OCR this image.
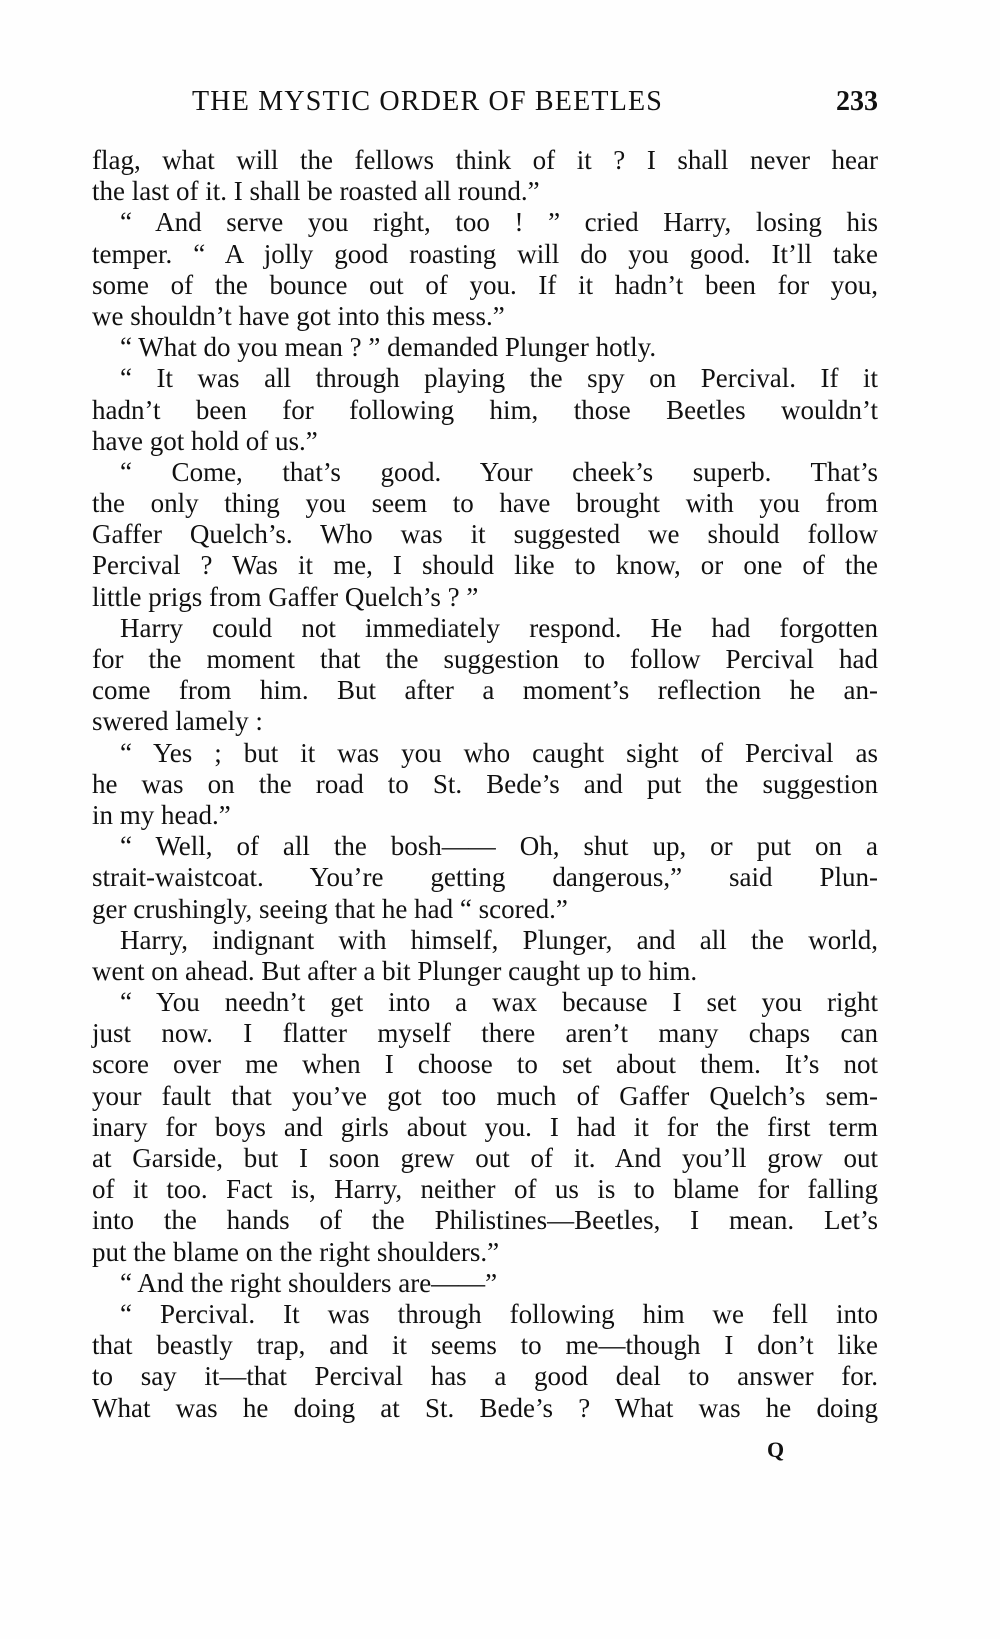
THE MYSTIC ORDER OF BEETLES	233
flag, what will the fellows think of it ? I shall never hear
the last of it. I shall be roasted all round.”
“ And serve you right, too ! ” cried Harry, losing his
temper. “ A jolly good roasting will do you good. It’ll take
some of the bounce out of you. If it hadn’t been for you,
we shouldn’t have got into this mess.”
“ What do you mean ? ” demanded Plunger hotly.
“ It was all through playing the spy on Percival. If it
hadn’t been for following him, those Beetles wouldn’t
have got hold of us.”
“ Come, that’s good. Your cheek’s superb. That’s
the only thing you seem to have brought with you from
Gaffer Quelch’s. Who was it suggested we should follow
Percival ? Was it me, I should like to know, or one of the
little prigs from Gaffer Quelch’s ? ”
Harry could not immediately respond. He had forgotten
for the moment that the suggestion to follow Percival had
come from him. But after a moment’s reflection he an-
swered lamely :
“ Yes ; but it was you who caught sight of Percival as
he was on the road to St. Bede’s and put the suggestion
in my head.”
“ Well, of all the bosh—— Oh, shut up, or put on a
strait-waistcoat. You’re getting dangerous,” said Plun-
ger crushingly, seeing that he had “ scored.”
Harry, indignant with himself, Plunger, and all the world,
went on ahead. But after a bit Plunger caught up to him.
“ You needn’t get into a wax because I set you right
just now. I flatter myself there aren’t many chaps can
score over me when I choose to set about them. It’s not
your fault that you’ve got too much of Gaffer Quelch’s sem-
inary for boys and girls about you. I had it for the first term
at Garside, but I soon grew out of it. And you’ll grow out
of it too. Fact is, Harry, neither of us is to blame for falling
into the hands of the Philistines—Beetles, I mean. Let’s
put the blame on the right shoulders.”
“ And the right shoulders are——”
“ Percival. It was through following him we fell into
that beastly trap, and it seems to me—though I don’t like
to say it—that Percival has a good deal to answer for.
What was he doing at St. Bede’s ? What was he doing
Q
